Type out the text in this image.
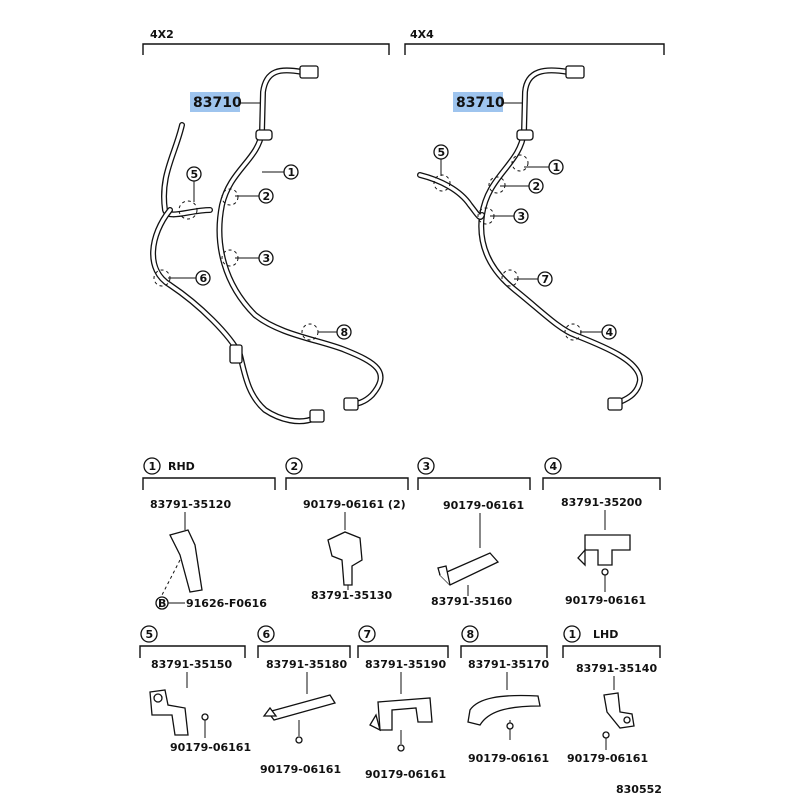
4X2
83710
1
2
3
5
6
8
4X4
83710
1
2
3
4
5
7
1 RHD
83791-35120
B 91626-F0616
2
90179-06161 (2)
83791-35130
3
90179-06161
83791-35160
4
83791-35200
90179-06161
5
83791-35150
90179-06161
6
83791-35180
90179-06161
7
83791-35190
90179-06161
8
83791-35170
90179-06161
1 LHD
83791-35140
90179-06161
830552
